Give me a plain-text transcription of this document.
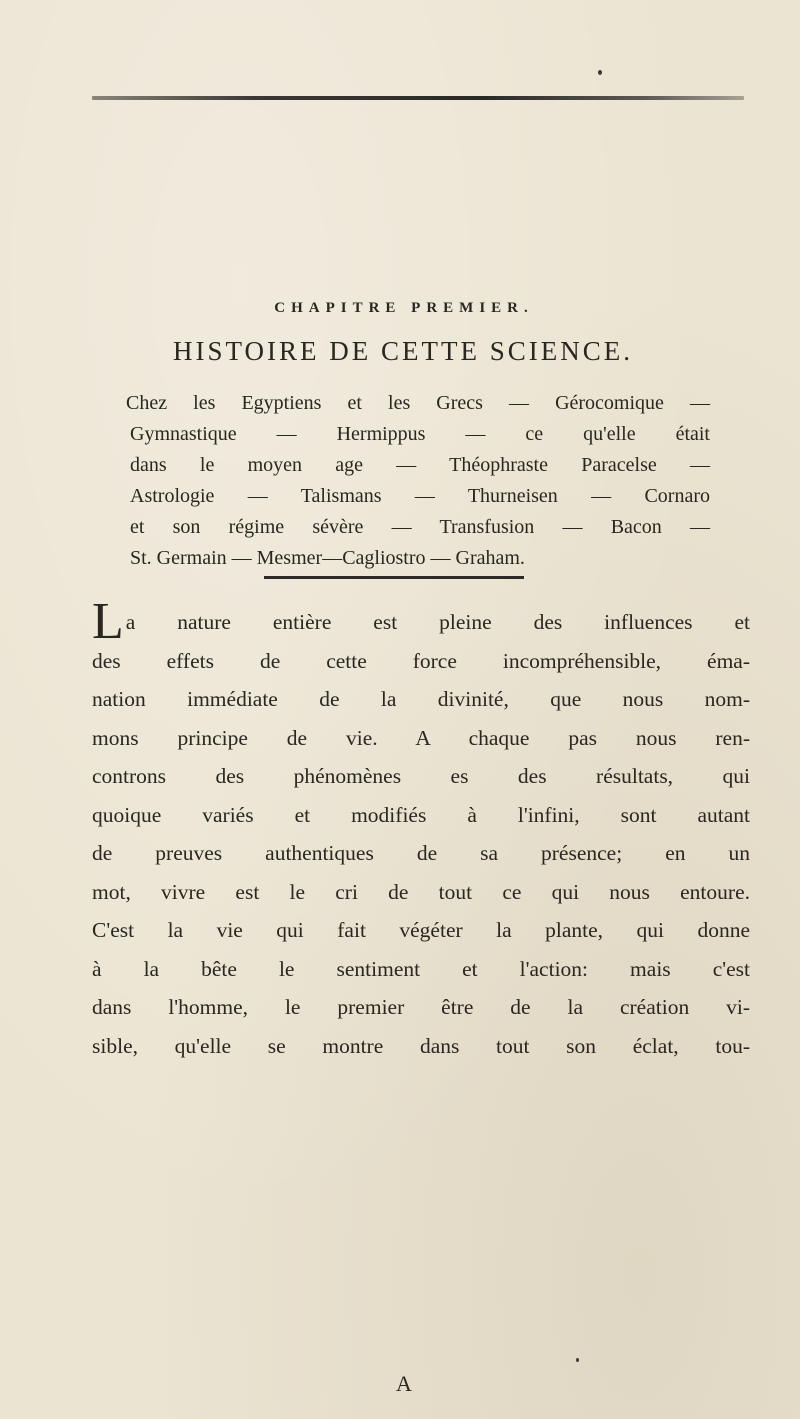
CHAPITRE PREMIER.
HISTOIRE DE CETTE SCIENCE.
Chez les Egyptiens et les Grecs — Gérocomique —
Gymnastique — Hermippus — ce qu'elle était
dans le moyen age — Théophraste Paracelse —
Astrologie — Talismans — Thurneisen — Cornaro
et son régime sévère — Transfusion — Bacon —
St. Germain — Mesmer—Cagliostro — Graham.
La nature entière est pleine des influences et
des effets de cette force incompréhensible, éma-
nation immédiate de la divinité, que nous nom-
mons principe de vie. A chaque pas nous ren-
controns des phénomènes es des résultats, qui
quoique variés et modifiés à l'infini, sont autant
de preuves authentiques de sa présence; en un
mot, vivre est le cri de tout ce qui nous entoure.
C'est la vie qui fait végéter la plante, qui donne
à la bête le sentiment et l'action: mais c'est
dans l'homme, le premier être de la création vi-
sible, qu'elle se montre dans tout son éclat, tou-
A
